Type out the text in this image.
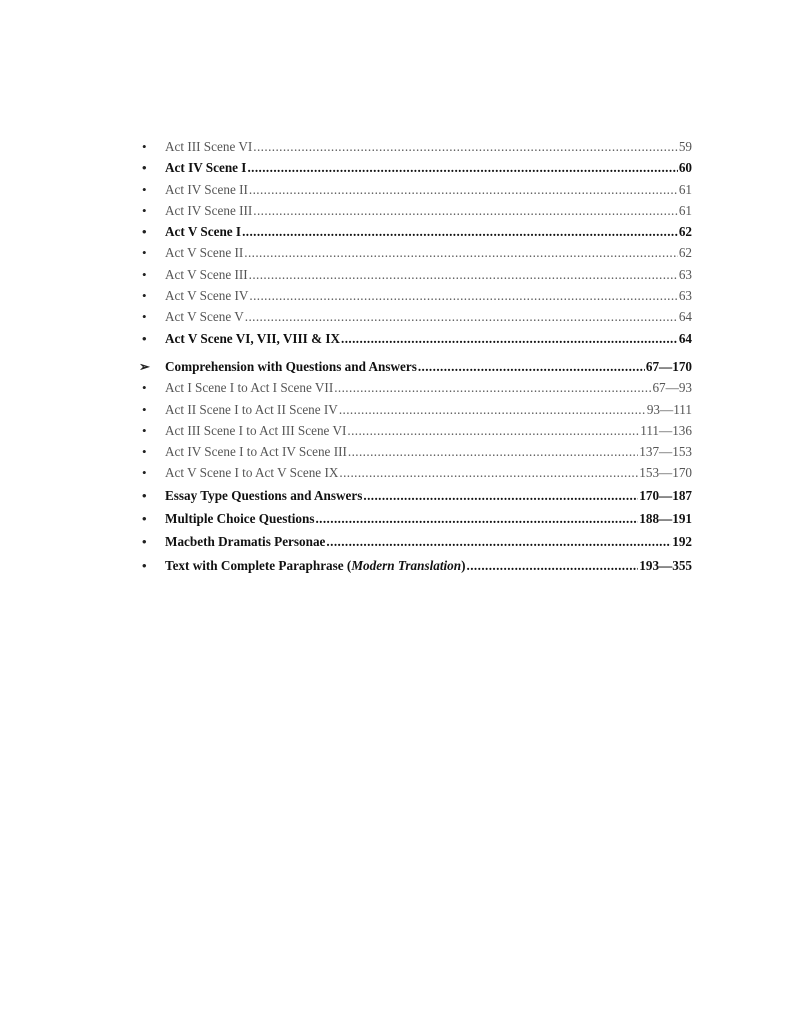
•	Act III Scene VI .....	59
•	Act IV Scene I .....	60
•	Act IV Scene II .....	61
•	Act IV Scene III .....	61
•	Act V Scene I .....	62
•	Act V Scene II .....	62
•	Act V Scene III .....	63
•	Act V Scene IV .....	63
•	Act V Scene V .....	64
•	Act V Scene VI, VII, VIII & IX .....	64
➢	Comprehension with Questions and Answers .....	67—170
•	Act I Scene I to Act I Scene VII .....	67—93
•	Act II Scene I to Act II Scene IV .....	93—111
•	Act III Scene I to Act III Scene VI .....	111—136
•	Act IV Scene I to Act IV Scene III .....	137—153
•	Act V Scene I to Act V Scene IX .....	153—170
•	Essay Type Questions and Answers .....	170—187
•	Multiple Choice Questions .....	188—191
•	Macbeth Dramatis Personae .....	192
•	Text with Complete Paraphrase (Modern Translation) .....	193—355
